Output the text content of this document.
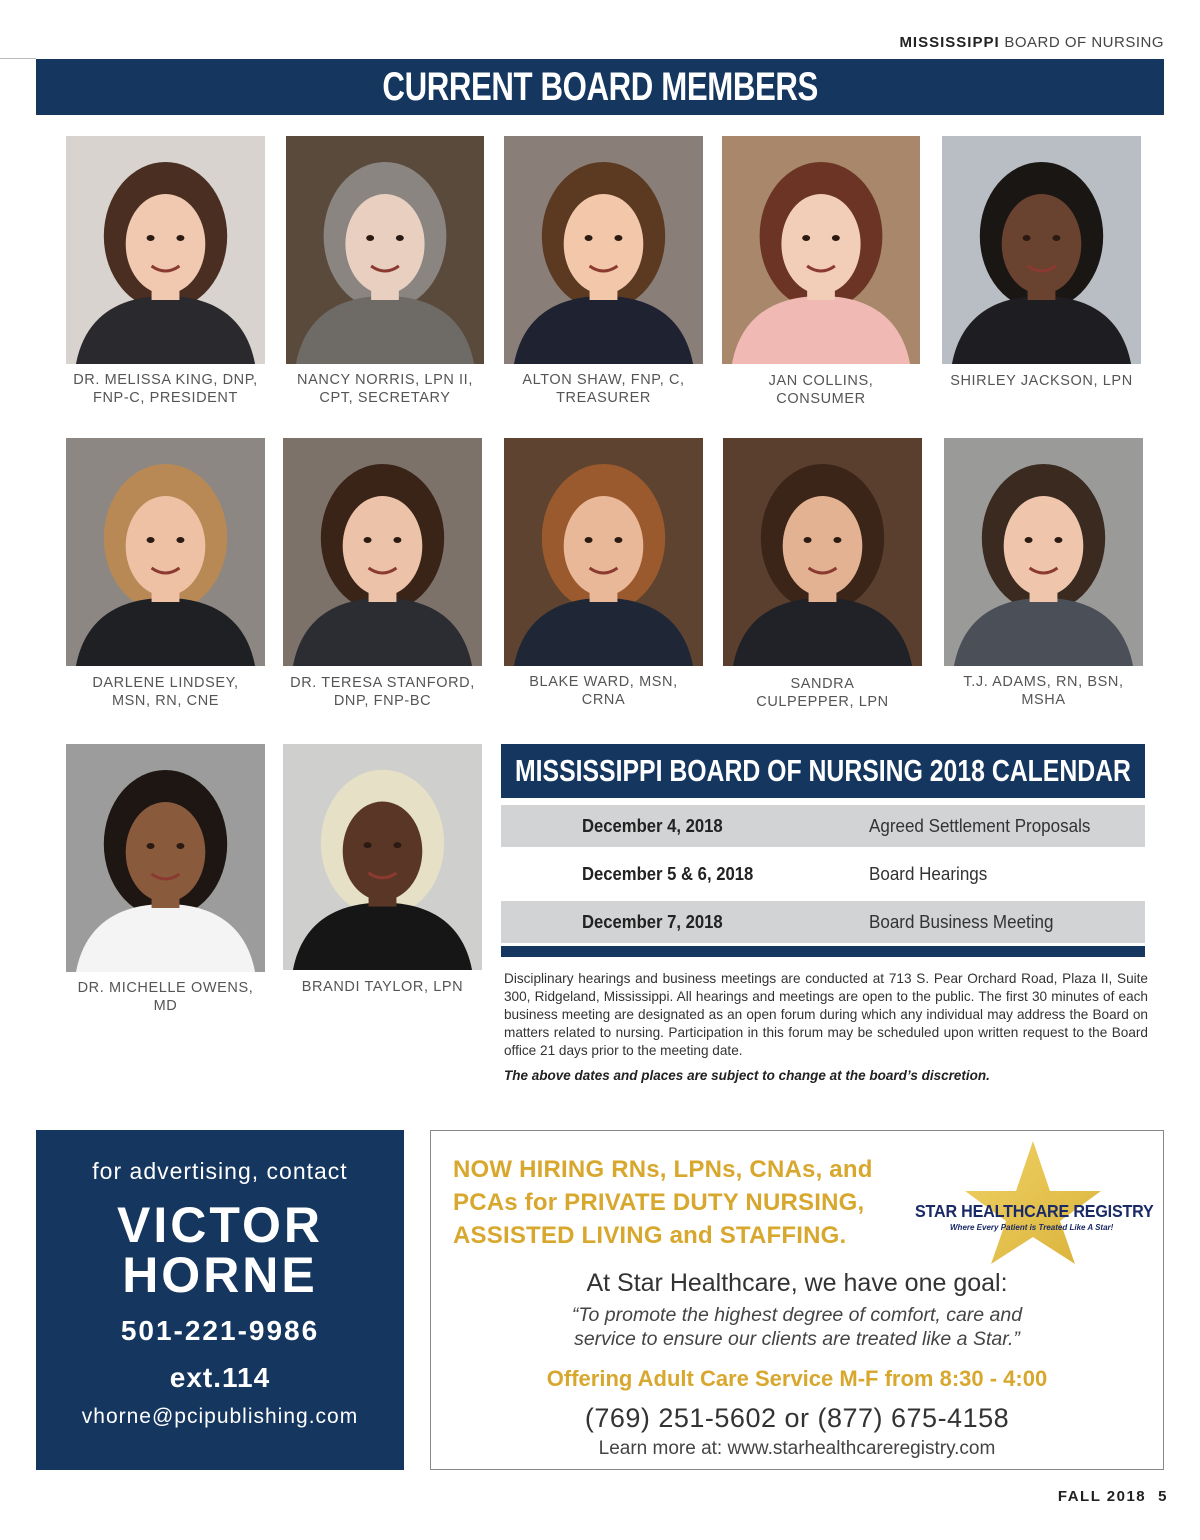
MISSISSIPPI BOARD OF NURSING
CURRENT BOARD MEMBERS
DR. MELISSA KING, DNP,
FNP-C, PRESIDENT
NANCY NORRIS, LPN II,
CPT, SECRETARY
ALTON SHAW, FNP, C,
TREASURER
JAN COLLINS,
CONSUMER
SHIRLEY JACKSON, LPN
DARLENE LINDSEY,
MSN, RN, CNE
DR. TERESA STANFORD,
DNP, FNP-BC
BLAKE WARD, MSN,
CRNA
SANDRA
CULPEPPER, LPN
T.J. ADAMS, RN, BSN,
MSHA
DR. MICHELLE OWENS,
MD
BRANDI TAYLOR, LPN
MISSISSIPPI BOARD OF NURSING 2018 CALENDAR
December 4, 2018	Agreed Settlement Proposals
December 5 & 6, 2018	Board Hearings
December 7, 2018	Board Business Meeting

Disciplinary hearings and business meetings are conducted at 713 S. Pear Orchard Road, Plaza II, Suite 300, Ridgeland, Mississippi. All hearings and meetings are open to the public. The first 30 minutes of each business meeting are designated as an open forum during which any individual may address the Board on matters related to nursing. Participation in this forum may be scheduled upon written request to the Board office 21 days prior to the meeting date.

The above dates and places are subject to change at the board’s discretion.

for advertising, contact
VICTOR
HORNE
501-221-9986
ext.114
vhorne@pcipublishing.com
NOW HIRING RNs, LPNs, CNAs, and
PCAs for PRIVATE DUTY NURSING,
ASSISTED LIVING and STAFFING.
STAR HEALTHCARE REGISTRY
Where Every Patient is Treated Like A Star!
At Star Healthcare, we have one goal:
“To promote the highest degree of comfort, care and
service to ensure our clients are treated like a Star.”
Offering Adult Care Service M-F from 8:30 - 4:00
(769) 251-5602 or (877) 675-4158
Learn more at: www.starhealthcareregistry.com
FALL 2018 5
